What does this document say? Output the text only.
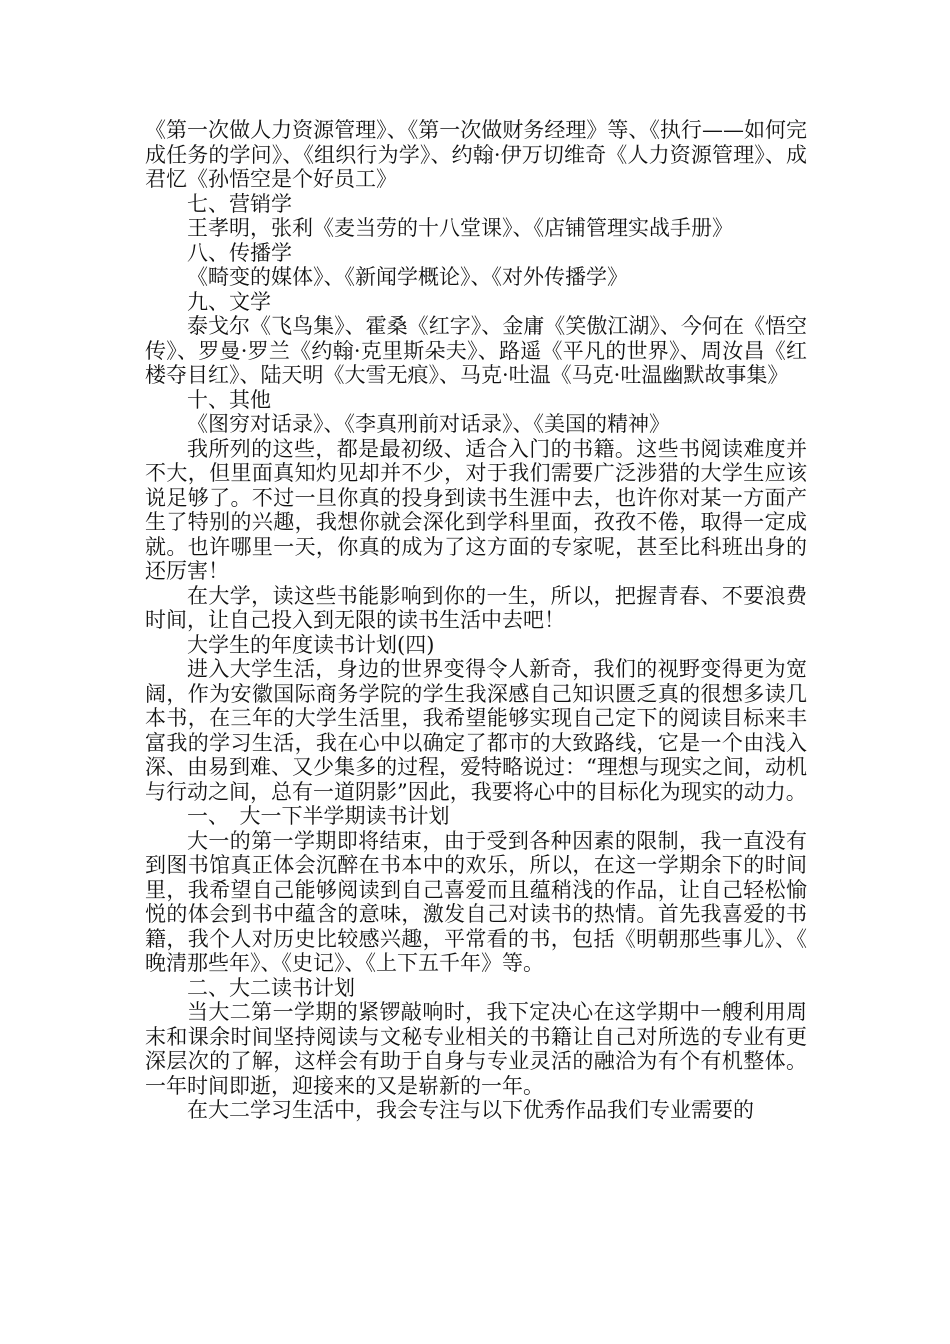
《第一次做人力资源管理》、《第一次做财务经理》等、《执行——如何完成任务的学问》、《组织行为学》、约翰·伊万切维奇《人力资源管理》、成君忆《孙悟空是个好员工》

七、营销学

王孝明，张利《麦当劳的十八堂课》、《店铺管理实战手册》

八、传播学

《畸变的媒体》、《新闻学概论》、《对外传播学》

九、文学

泰戈尔《飞鸟集》、霍桑《红字》、金庸《笑傲江湖》、今何在《悟空传》、罗曼·罗兰《约翰·克里斯朵夫》、路遥《平凡的世界》、周汝昌《红楼夺目红》、陆天明《大雪无痕》、马克·吐温《马克·吐温幽默故事集》

十、其他

《图穷对话录》、《李真刑前对话录》、《美国的精神》

我所列的这些，都是最初级、适合入门的书籍。这些书阅读难度并不大，但里面真知灼见却并不少，对于我们需要广泛涉猎的大学生应该说足够了。不过一旦你真的投身到读书生涯中去，也许你对某一方面产生了特别的兴趣，我想你就会深化到学科里面，孜孜不倦，取得一定成就。也许哪里一天，你真的成为了这方面的专家呢，甚至比科班出身的还厉害！

在大学，读这些书能影响到你的一生，所以，把握青春、不要浪费时间，让自己投入到无限的读书生活中去吧！

大学生的年度读书计划(四)

进入大学生活，身边的世界变得令人新奇，我们的视野变得更为宽阔，作为安徽国际商务学院的学生我深感自己知识匮乏真的很想多读几本书，在三年的大学生活里，我希望能够实现自己定下的阅读目标来丰富我的学习生活，我在心中以确定了都市的大致路线，它是一个由浅入深、由易到难、又少集多的过程，爱特略说过：“理想与现实之间，动机与行动之间，总有一道阴影”因此，我要将心中的目标化为现实的动力。

一、　大一下半学期读书计划

大一的第一学期即将结束，由于受到各种因素的限制，我一直没有到图书馆真正体会沉醉在书本中的欢乐，所以，在这一学期余下的时间里，我希望自己能够阅读到自己喜爱而且蕴稍浅的作品，让自己轻松愉悦的体会到书中蕴含的意味，激发自己对读书的热情。首先我喜爱的书籍，我个人对历史比较感兴趣，平常看的书，包括《明朝那些事儿》、《晚清那些年》、《史记》、《上下五千年》等。

二、大二读书计划

当大二第一学期的紧锣敲响时，我下定决心在这学期中一艘利用周末和课余时间坚持阅读与文秘专业相关的书籍让自己对所选的专业有更深层次的了解，这样会有助于自身与专业灵活的融洽为有个有机整体。一年时间即逝，迎接来的又是崭新的一年。

在大二学习生活中，我会专注与以下优秀作品我们专业需要的
